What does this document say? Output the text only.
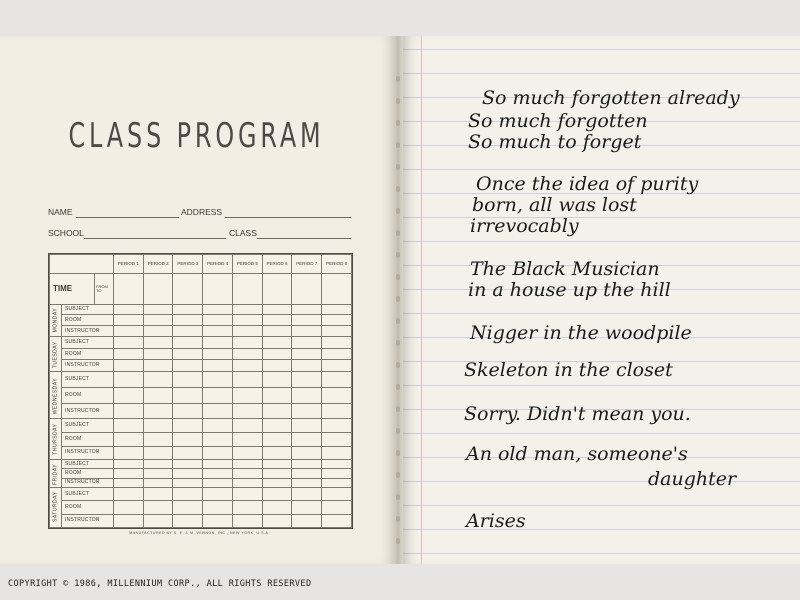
CLASS PROGRAM
NAME	ADDRESS
SCHOOL	CLASS
			PERIOD 1	PERIOD 2	PERIOD 3	PERIOD 4	PERIOD 5	PERIOD 6	PERIOD 7	PERIOD 8
TIME		FROM TO								
MONDAY	SUBJECT									
	ROOM									
	INSTRUCTOR									
TUESDAY	SUBJECT									
	ROOM									
	INSTRUCTOR									
WEDNESDAY	SUBJECT									
	ROOM									
	INSTRUCTOR									
THURSDAY	SUBJECT									
	ROOM									
	INSTRUCTOR									
FRIDAY	SUBJECT									
	ROOM									
	INSTRUCTOR									
SATURDAY	SUBJECT									
	ROOM									
	INSTRUCTOR									
MANUFACTURED BY S. E. & M. VERNON, INC., NEW YORK, U.S.A.
COPYRIGHT © 1986, MILLENNIUM CORP., ALL RIGHTS RESERVED
So much forgotten already
So much forgotten
So much to forget
Once the idea of purity
born, all was lost
irrevocably
The Black Musician
in a house up the hill
Nigger in the woodpile
Skeleton in the closet
Sorry. Didn't mean you.
An old man, someone's
daughter
Arises
